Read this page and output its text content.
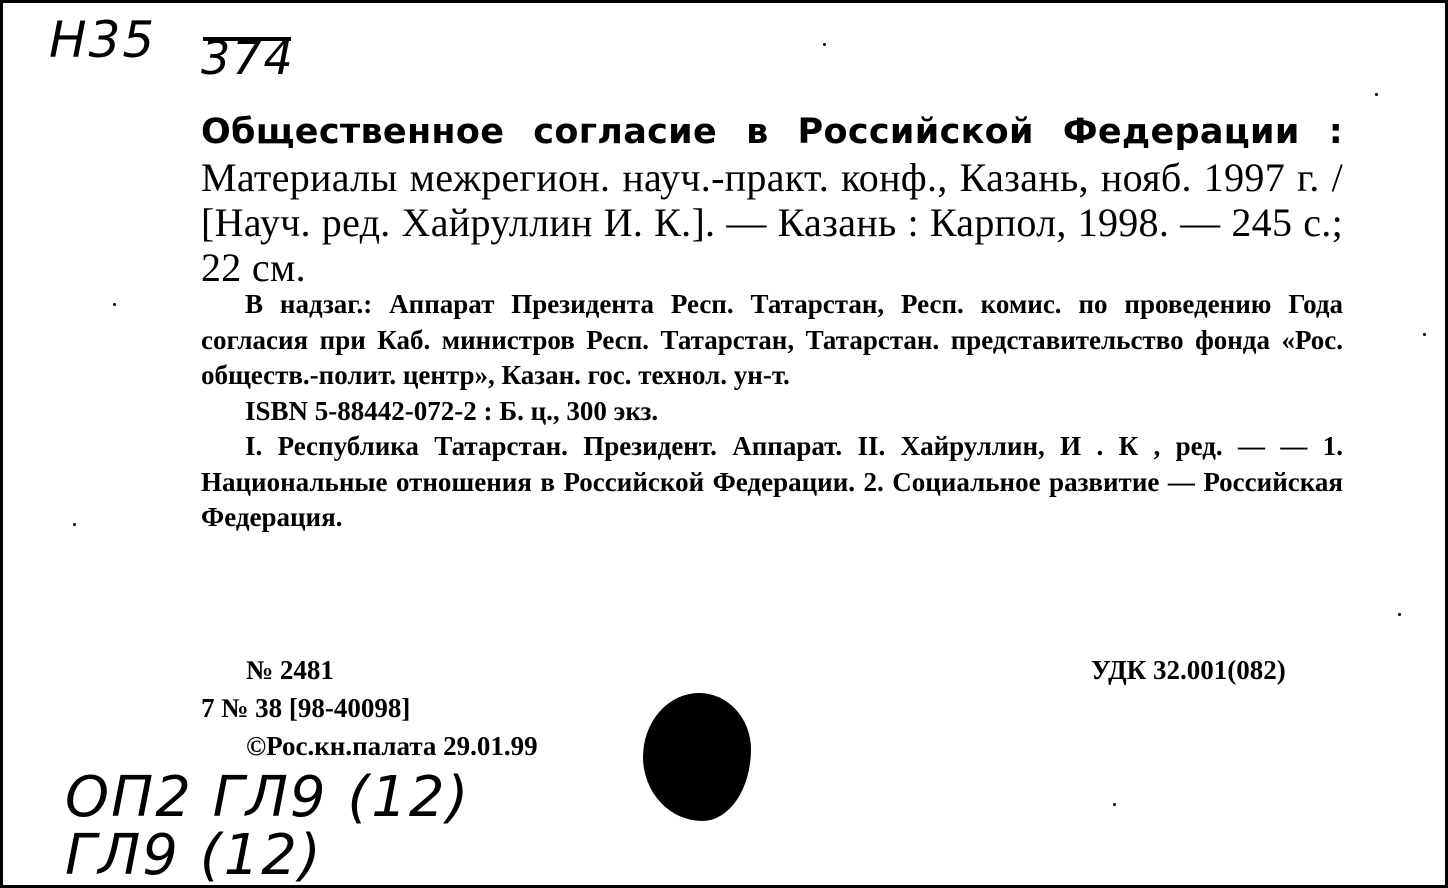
Н35 374
Общественное согласие в Российской Федерации : Материалы межрегион. науч.-практ. конф., Казань, нояб. 1997 г. / [Науч. ред. Хайруллин И. К.]. — Казань : Карпол, 1998. — 245 с.; 22 см.

В надзаг.: Аппарат Президента Респ. Татарстан, Респ. комис. по проведению Года согласия при Каб. министров Респ. Татарстан, Татарстан. представительство фонда «Рос. обществ.-полит. центр», Казан. гос. технол. ун-т.

ISBN 5-88442-072-2 : Б. ц., 300 экз.

I. Республика Татарстан. Президент. Аппарат. II. Хайруллин, И . К , ред. — — 1. Национальные отношения в Российской Федерации. 2. Социальное развитие — Российская Федерация.

№ 2481	УДК 32.001(082)
7 № 38 [98-40098]
©Рос.кн.палата 29.01.99
ОП2 ГЛ9 (12)
ГЛ9 (12)
